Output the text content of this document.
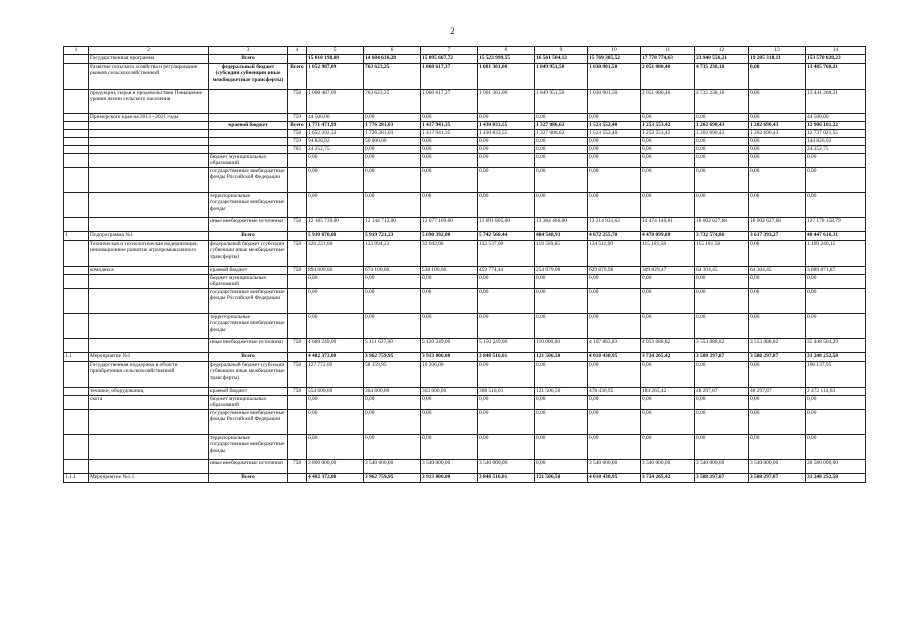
2
1	2	3	4	5	6	7	8	9	10	11	12	13	14
	Государственная программа	Всего		15 010 198,08	14 684 616,28	15 095 667,72	15 523 999,55	16 561 504,12	15 769 385,52	17 778 774,63	23 940 556,21	19 205 318,11	153 570 020,23
	Развитие сельского хозяйства и регулирование рынков сельскохозяйственной	федеральный бюджет (субсидии субвенции иные межбюджетные трансферты)	Всего	1 052 987,09	763 623,25	1 060 617,37	1 001 361,00	1 849 951,50	1 030 901,50	2 051 080,40	4 735 238,10	0,00	13 485 760,21
	продукции, сырья и продовольствия Повышение уровня жизни сельского населения		758	1 008 487,09	763 623,25	1 060 617,37	1 001 361,00	1 849 951,50	1 030 901,50	2 051 080,40	4 735 238,10	0,00	13 441 260,21
	Приморского края на 2013 - 2021 годы		759	44 500,00	0,00	0,00	0,00	0,00	0,00	0,00	0,00	0,00	44 500,00
		краевой бюджет	Всего	1 771 471,99	1 776 281,03	1 417 941,35	1 430 833,55	1 327 086,62	1 523 552,40	1 253 553,42	1 202 690,43	1 202 690,43	12 906 101,22
			758	1 652 392,32	1 726 281,03	1 417 941,35	1 430 833,55	1 327 086,62	1 523 552,40	1 253 553,42	1 202 690,43	1 202 690,43	12 737 021,55
			759	94 826,92	50 000,00	0,00	0,00	0,00	0,00	0,00	0,00	0,00	144 826,92
			765	24 252,75	0,00	0,00	0,00	0,00	0,00	0,00	0,00	0,00	24 252,75
		бюджет муниципальных образований		0,00	0,00	0,00	0,00	0,00	0,00	0,00	0,00	0,00	0,00
		государственные внебюджетные фонды Российской Федерации		0,00	0,00	0,00	0,00	0,00	0,00	0,00	0,00	0,00	0,00
		территориальные государственные внебюджетные фонды		0,00	0,00	0,00	0,00	0,00	0,00	0,00	0,00	0,00	0,00
		иные внебюджетные источники	758	12 185 739,00	12 144 712,00	12 677 109,00	13 091 805,00	13 384 466,00	13 214 931,62	14 474 140,81	18 002 627,68	18 002 627,68	127 178 158,79
1	Подпрограмма №1	Всего		5 910 070,00	5 919 721,23	5 690 392,00	5 742 560,44	484 548,93	4 872 255,70	4 478 099,88	3 732 574,86	3 617 393,27	40 447 616,31
	Техническая и технологическая модернизация, инновационное развитие агропромышленного	федеральный бюджет (субсидии субвенции иные межбюджетные трансферты)	758	326 221,00	133 994,23	32 043,00	132 537,00	119 569,85	134 511,90	115 181,58	115 181,58	0,00	1 109 240,15
	комплекса	краевой бюджет	758	894 600,00	674 100,00	538 100,00	459 774,44	254 979,08	629 879,98	309 829,47	64 304,45	64 304,45	3 889 871,87
		бюджет муниципальных образований		0,00	0,00	0,00	0,00	0,00	0,00	0,00	0,00	0,00	0,00
		государственные внебюджетные фонды Российской Федерации		0,00	0,00	0,00	0,00	0,00	0,00	0,00	0,00	0,00	0,00
		территориальные государственные внебюджетные фонды		0,00	0,00	0,00	0,00	0,00	0,00	0,00	0,00	0,00	0,00
		иные внебюджетные источники	758	4 689 249,00	5 111 627,00	5 120 249,00	5 150 249,00	110 000,00	4 107 863,83	4 053 088,82	3 553 088,82	3 553 088,82	35 448 504,29
1.1	Мероприятие №1	Всего		4 482 372,00	3 962 759,95	3 913 806,00	3 848 516,01	121 506,50	4 018 430,95	3 724 265,42	3 588 297,87	3 588 297,87	31 248 252,58
	Государственная поддержка в области приобретения сельскохозяйственной	федеральный бюджет (субсидии субвенции иные межбюджетные трансферты)	758	127 772,00	58 159,95	10 206,00	0,00	0,00	0,00	0,00	0,00	0,00	196 137,95
	техники, оборудования,	краевой бюджет	758	554 600,00	364 600,00	363 600,00	308 516,01	121 506,50	478 430,95	184 265,42	48 297,87	48 297,87	2 472 114,63
	скота	бюджет муниципальных образований		0,00	0,00	0,00	0,00	0,00	0,00	0,00	0,00	0,00	0,00
		государственные внебюджетные фонды Российской Федерации		0,00	0,00	0,00	0,00	0,00	0,00	0,00	0,00	0,00	0,00
		территориальные государственные внебюджетные фонды		0,00	0,00	0,00	0,00	0,00	0,00	0,00	0,00	0,00	0,00
		иные внебюджетные источники	758	3 800 000,00	3 540 000,00	3 540 000,00	3 540 000,00	0,00	3 540 000,00	3 540 000,00	3 540 000,00	3 540 000,00	28 580 000,00
1.1.1	Мероприятие №1.1	Всего		4 482 372,00	3 962 759,95	3 913 806,00	3 848 516,01	121 506,50	4 018 430,95	3 724 265,42	3 588 297,87	3 588 297,87	31 248 252,58
